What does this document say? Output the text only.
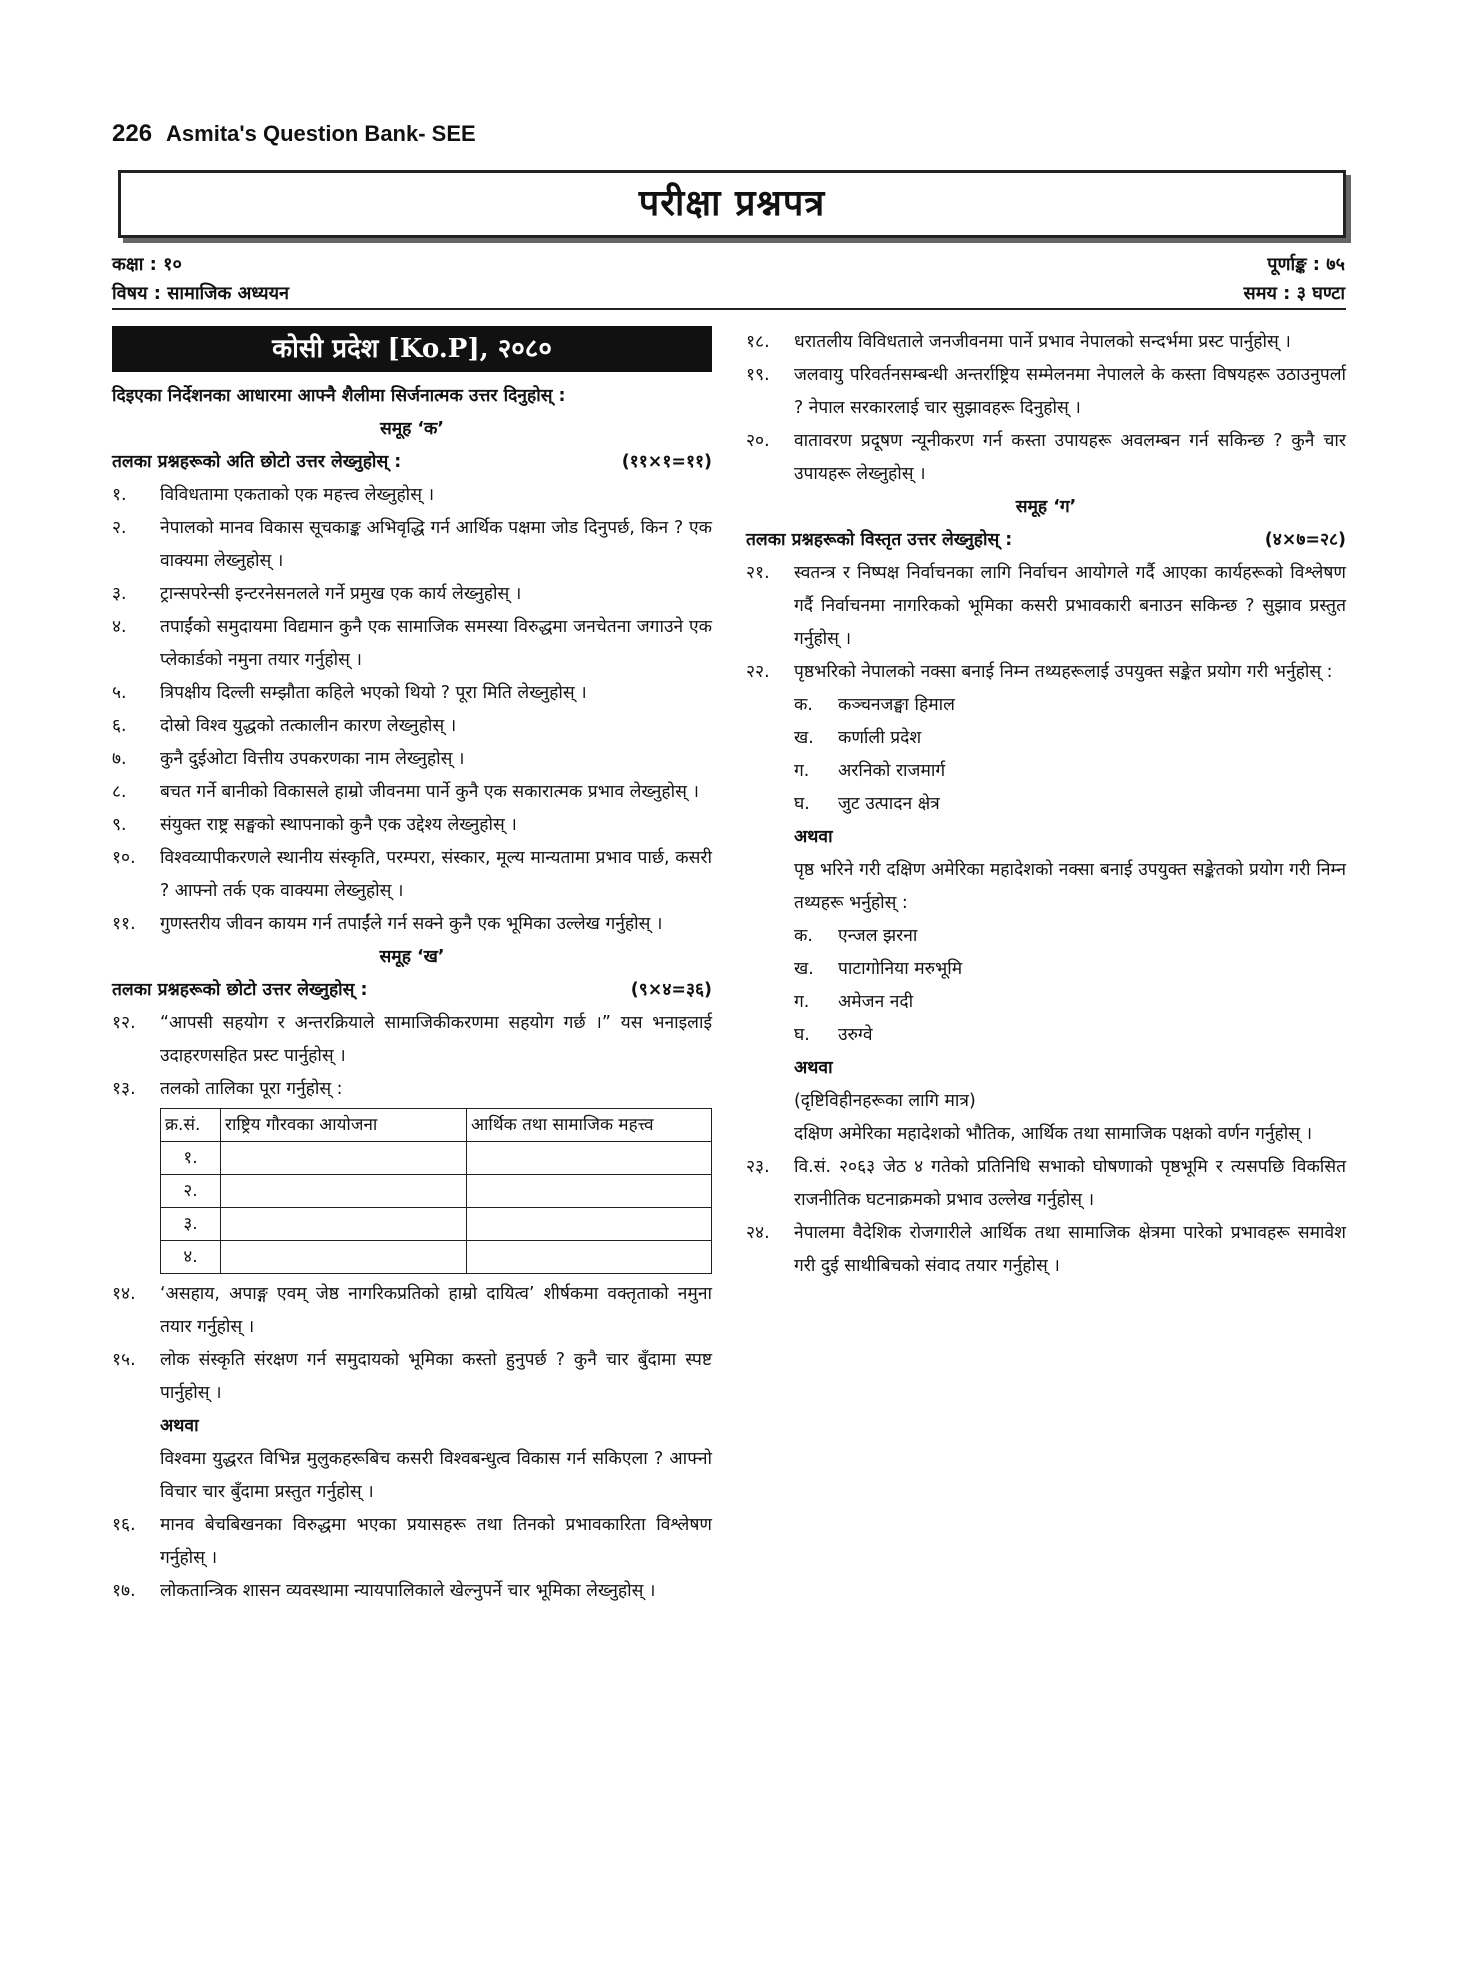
226 Asmita's Question Bank- SEE
परीक्षा प्रश्नपत्र
कक्षा : १०
विषय : सामाजिक अध्ययन
पूर्णाङ्क : ७५
समय : ३ घण्टा
कोसी प्रदेश [Ko.P], २०८०
दिइएका निर्देशनका आधारमा आफ्नै शैलीमा सिर्जनात्मक उत्तर दिनुहोस् :
समूह ‘क’
तलका प्रश्नहरूको अति छोटो उत्तर लेख्नुहोस् :	(११×१=११)
१.	विविधतामा एकताको एक महत्त्व लेख्नुहोस् ।
२.	नेपालको मानव विकास सूचकाङ्क अभिवृद्धि गर्न आर्थिक पक्षमा जोड दिनुपर्छ, किन ? एक वाक्यमा लेख्नुहोस् ।
३.	ट्रान्सपरेन्सी इन्टरनेसनलले गर्ने प्रमुख एक कार्य लेख्नुहोस् ।
४.	तपाईंको समुदायमा विद्यमान कुनै एक सामाजिक समस्या विरुद्धमा जनचेतना जगाउने एक प्लेकार्डको नमुना तयार गर्नुहोस् ।
५.	त्रिपक्षीय दिल्ली सम्झौता कहिले भएको थियो ? पूरा मिति लेख्नुहोस् ।
६.	दोस्रो विश्व युद्धको तत्कालीन कारण लेख्नुहोस् ।
७.	कुनै दुईओटा वित्तीय उपकरणका नाम लेख्नुहोस् ।
८.	बचत गर्ने बानीको विकासले हाम्रो जीवनमा पार्ने कुनै एक सकारात्मक प्रभाव लेख्नुहोस् ।
९.	संयुक्त राष्ट्र सङ्घको स्थापनाको कुनै एक उद्देश्य लेख्नुहोस् ।
१०.	विश्वव्यापीकरणले स्थानीय संस्कृति, परम्परा, संस्कार, मूल्य मान्यतामा प्रभाव पार्छ, कसरी ? आफ्नो तर्क एक वाक्यमा लेख्नुहोस् ।
११.	गुणस्तरीय जीवन कायम गर्न तपाईंले गर्न सक्ने कुनै एक भूमिका उल्लेख गर्नुहोस् ।
समूह ‘ख’
तलका प्रश्नहरूको छोटो उत्तर लेख्नुहोस् :	(९×४=३६)
१२.	“आपसी सहयोग र अन्तरक्रियाले सामाजिकीकरणमा सहयोग गर्छ ।” यस भनाइलाई उदाहरणसहित प्रस्ट पार्नुहोस् ।
१३.	तलको तालिका पूरा गर्नुहोस् :
क्र.सं.	राष्ट्रिय गौरवका आयोजना	आर्थिक तथा सामाजिक महत्त्व
१.		
२.		
३.		
४.		
१४.	‘असहाय, अपाङ्ग एवम् जेष्ठ नागरिकप्रतिको हाम्रो दायित्व’ शीर्षकमा वक्तृताको नमुना तयार गर्नुहोस् ।
१५.	लोक संस्कृति संरक्षण गर्न समुदायको भूमिका कस्तो हुनुपर्छ ? कुनै चार बुँदामा स्पष्ट पार्नुहोस् ।
अथवा
विश्वमा युद्धरत विभिन्न मुलुकहरूबिच कसरी विश्वबन्धुत्व विकास गर्न सकिएला ? आफ्नो विचार चार बुँदामा प्रस्तुत गर्नुहोस् ।
१६.	मानव बेचबिखनका विरुद्धमा भएका प्रयासहरू तथा तिनको प्रभावकारिता विश्लेषण गर्नुहोस् ।
१७.	लोकतान्त्रिक शासन व्यवस्थामा न्यायपालिकाले खेल्नुपर्ने चार भूमिका लेख्नुहोस् ।
१८.	धरातलीय विविधताले जनजीवनमा पार्ने प्रभाव नेपालको सन्दर्भमा प्रस्ट पार्नुहोस् ।
१९.	जलवायु परिवर्तनसम्बन्धी अन्तर्राष्ट्रिय सम्मेलनमा नेपालले के कस्ता विषयहरू उठाउनुपर्ला ? नेपाल सरकारलाई चार सुझावहरू दिनुहोस् ।
२०.	वातावरण प्रदूषण न्यूनीकरण गर्न कस्ता उपायहरू अवलम्बन गर्न सकिन्छ ? कुनै चार उपायहरू लेख्नुहोस् ।
समूह ‘ग’
तलका प्रश्नहरूको विस्तृत उत्तर लेख्नुहोस् :	(४×७=२८)
२१.	स्वतन्त्र र निष्पक्ष निर्वाचनका लागि निर्वाचन आयोगले गर्दै आएका कार्यहरूको विश्लेषण गर्दै निर्वाचनमा नागरिकको भूमिका कसरी प्रभावकारी बनाउन सकिन्छ ? सुझाव प्रस्तुत गर्नुहोस् ।
२२.	पृष्ठभरिको नेपालको नक्सा बनाई निम्न तथ्यहरूलाई उपयुक्त सङ्केत प्रयोग गरी भर्नुहोस् :
क.	कञ्चनजङ्घा हिमाल
ख.	कर्णाली प्रदेश
ग.	अरनिको राजमार्ग
घ.	जुट उत्पादन क्षेत्र
अथवा
पृष्ठ भरिने गरी दक्षिण अमेरिका महादेशको नक्सा बनाई उपयुक्त सङ्केतको प्रयोग गरी निम्न तथ्यहरू भर्नुहोस् :
क.	एन्जल झरना
ख.	पाटागोनिया मरुभूमि
ग.	अमेजन नदी
घ.	उरुग्वे
अथवा
(दृष्टिविहीनहरूका लागि मात्र)
दक्षिण अमेरिका महादेशको भौतिक, आर्थिक तथा सामाजिक पक्षको वर्णन गर्नुहोस् ।
२३.	वि.सं. २०६३ जेठ ४ गतेको प्रतिनिधि सभाको घोषणाको पृष्ठभूमि र त्यसपछि विकसित राजनीतिक घटनाक्रमको प्रभाव उल्लेख गर्नुहोस् ।
२४.	नेपालमा वैदेशिक रोजगारीले आर्थिक तथा सामाजिक क्षेत्रमा पारेको प्रभावहरू समावेश गरी दुई साथीबिचको संवाद तयार गर्नुहोस् ।
